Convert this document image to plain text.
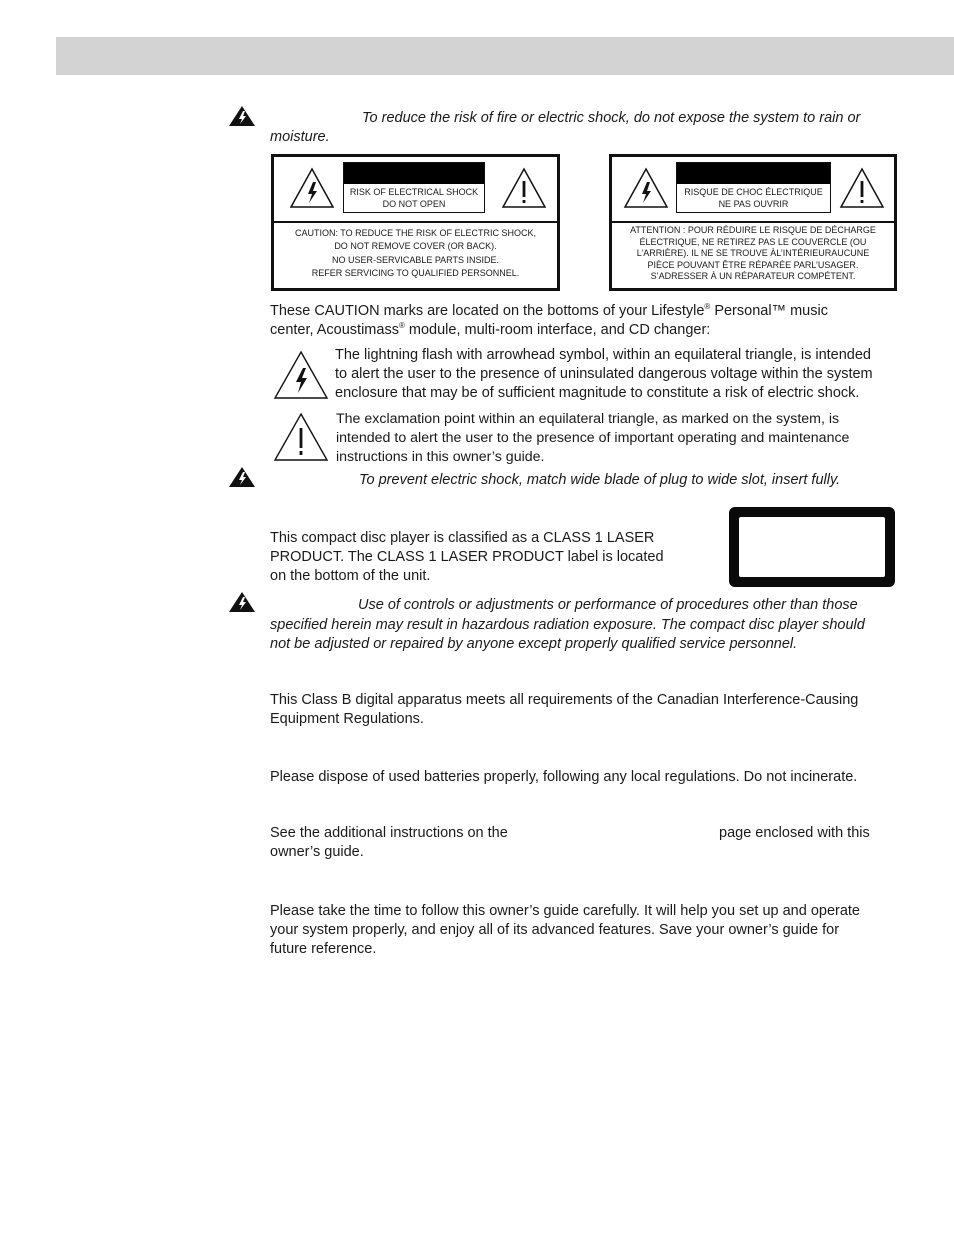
To reduce the risk of fire or electric shock, do not expose the system to rain or
moisture.
RISK OF ELECTRICAL SHOCK
DO NOT OPEN
CAUTION: TO REDUCE THE RISK OF ELECTRIC SHOCK,
DO NOT REMOVE COVER (OR BACK).
NO USER-SERVICABLE PARTS INSIDE.
REFER SERVICING TO QUALIFIED PERSONNEL.
RISQUE DE CHOC ÉLECTRIQUE
NE PAS OUVRIR
ATTENTION : POUR RÉDUIRE LE RISQUE DE DÉCHARGE
ÉLECTRIQUE, NE RETIREZ PAS LE COUVERCLE (OU
L’ARRIÈRE). IL NE SE TROUVE ÀL’INTÉRIEURAUCUNE
PIÈCE POUVANT ÊTRE RÉPARÉE PARL’USAGER.
S’ADRESSER À UN RÉPARATEUR COMPÉTENT.
These CAUTION marks are located on the bottoms of your Lifestyle® Personal™ music
center, Acoustimass® module, multi-room interface, and CD changer:
The lightning flash with arrowhead symbol, within an equilateral triangle, is intended
to alert the user to the presence of uninsulated dangerous voltage within the system
enclosure that may be of sufficient magnitude to constitute a risk of electric shock.
The exclamation point within an equilateral triangle, as marked on the system, is
intended to alert the user to the presence of important operating and maintenance
instructions in this owner’s guide.
To prevent electric shock, match wide blade of plug to wide slot, insert fully.
This compact disc player is classified as a CLASS 1 LASER
PRODUCT. The CLASS 1 LASER PRODUCT label is located
on the bottom of the unit.
Use of controls or adjustments or performance of procedures other than those
specified herein may result in hazardous radiation exposure. The compact disc player should
not be adjusted or repaired by anyone except properly qualified service personnel.
This Class B digital apparatus meets all requirements of the Canadian Interference-Causing
Equipment Regulations.
Please dispose of used batteries properly, following any local regulations. Do not incinerate.
See the additional instructions on the	page enclosed with this
owner’s guide.
Please take the time to follow this owner’s guide carefully. It will help you set up and operate
your system properly, and enjoy all of its advanced features. Save your owner’s guide for
future reference.
